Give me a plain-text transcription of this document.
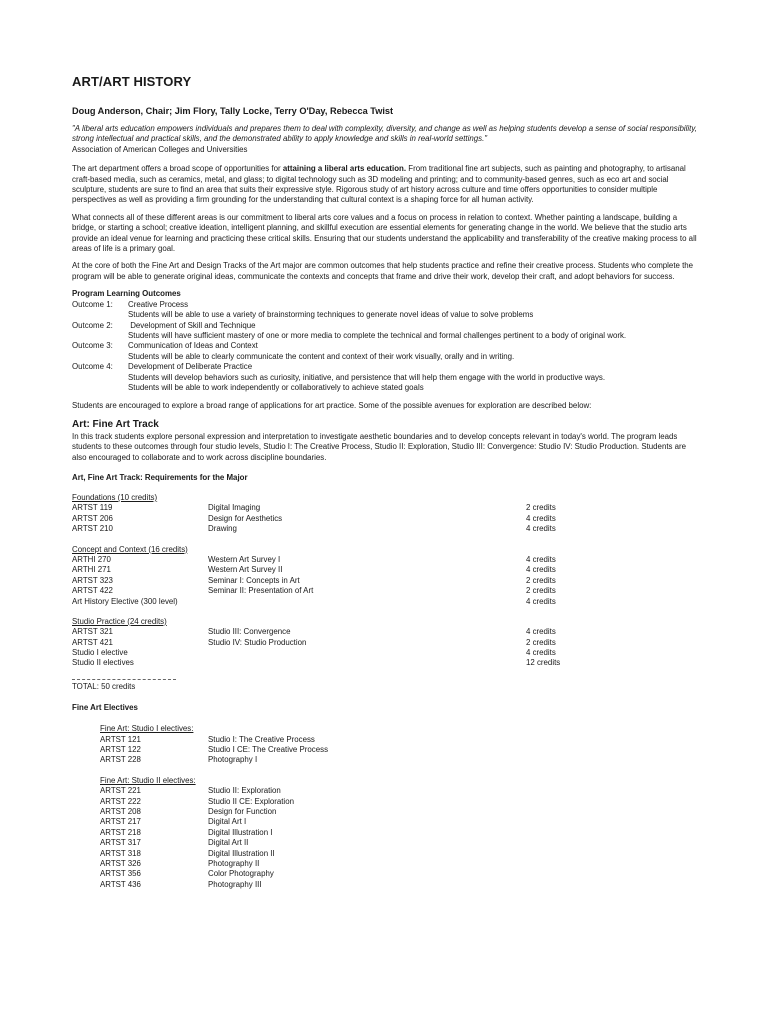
ART/ART HISTORY
Doug Anderson, Chair; Jim Flory, Tally Locke, Terry O'Day, Rebecca Twist

"A liberal arts education empowers individuals and prepares them to deal with complexity, diversity, and change as well as helping students develop a sense of social responsibility, strong intellectual and practical skills, and the demonstrated ability to apply knowledge and skills in real-world settings."

Association of American Colleges and Universities

The art department offers a broad scope of opportunities for attaining a liberal arts education. From traditional fine art subjects, such as painting and photography, to artisanal craft-based media, such as ceramics, metal, and glass; to digital technology such as 3D modeling and printing; and to community-based genres, such as eco art and social sculpture, students are sure to find an area that suits their expressive style. Rigorous study of art history across culture and time offers opportunities to consider multiple perspectives as well as providing a firm grounding for the understanding that cultural context is a shaping force for all human activity.

What connects all of these different areas is our commitment to liberal arts core values and a focus on process in relation to context. Whether painting a landscape, building a bridge, or starting a school; creative ideation, intelligent planning, and skillful execution are essential elements for generating change in the world. We believe that the studio arts provide an ideal venue for learning and practicing these critical skills. Ensuring that our students understand the applicability and transferability of the creative making process to all areas of life is a primary goal.

At the core of both the Fine Art and Design Tracks of the Art major are common outcomes that help students practice and refine their creative process. Students who complete the program will be able to generate original ideas, communicate the contexts and concepts that frame and drive their work, develop their craft, and adopt behaviors for success.

Program Learning Outcomes
Outcome 1:	Creative Process
Students will be able to use a variety of brainstorming techniques to generate novel ideas of value to solve problems
Outcome 2:	Development of Skill and Technique
Students will have sufficient mastery of one or more media to complete the technical and formal challenges pertinent to a body of original work.
Outcome 3:	Communication of Ideas and Context
Students will be able to clearly communicate the content and context of their work visually, orally and in writing.
Outcome 4:	Development of Deliberate Practice
Students will develop behaviors such as curiosity, initiative, and persistence that will help them engage with the world in productive ways.
Students will be able to work independently or collaboratively to achieve stated goals

Students are encouraged to explore a broad range of applications for art practice. Some of the possible avenues for exploration are described below:

Art: Fine Art Track

In this track students explore personal expression and interpretation to investigate aesthetic boundaries and to develop concepts relevant in today's world. The program leads students to these outcomes through four studio levels, Studio I: The Creative Process, Studio II: Exploration, Studio III: Convergence: Studio IV: Studio Production. Students are also encouraged to collaborate and to work across discipline boundaries.

Art, Fine Art Track: Requirements for the Major
Foundations (10 credits)
ARTST 119	Digital Imaging	2 credits
ARTST 206	Design for Aesthetics	4 credits
ARTST 210	Drawing	4 credits
Concept and Context (16 credits)
ARTHI 270	Western Art Survey I	4 credits
ARTHI 271	Western Art Survey II	4 credits
ARTST 323	Seminar I: Concepts in Art	2 credits
ARTST 422	Seminar II: Presentation of Art	2 credits
Art History Elective (300 level)	4 credits
Studio Practice (24 credits)
ARTST 321	Studio III: Convergence	4 credits
ARTST 421	Studio IV: Studio Production	2 credits
Studio I elective	4 credits
Studio II electives	12 credits
TOTAL: 50 credits
Fine Art Electives
Fine Art: Studio I electives:
ARTST 121	Studio I: The Creative Process
ARTST 122	Studio I CE: The Creative Process
ARTST 228	Photography I
Fine Art: Studio II electives:
ARTST 221	Studio II: Exploration
ARTST 222	Studio II CE: Exploration
ARTST 208	Design for Function
ARTST 217	Digital Art I
ARTST 218	Digital Illustration I
ARTST 317	Digital Art II
ARTST 318	Digital Illustration II
ARTST 326	Photography II
ARTST 356	Color Photography
ARTST 436	Photography III
